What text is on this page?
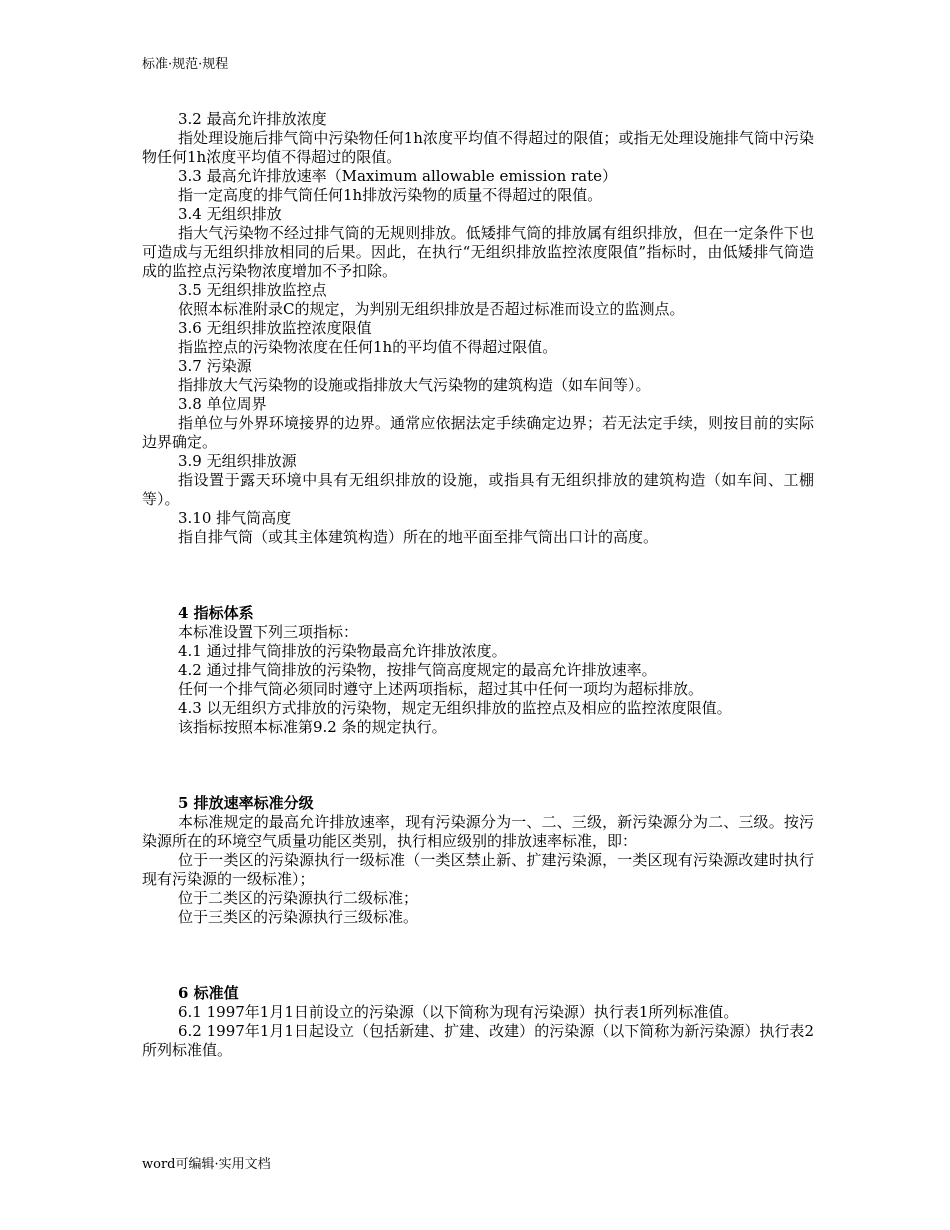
标准·规范·规程
3.2 最高允许排放浓度
指处理设施后排气筒中污染物任何1h浓度平均值不得超过的限值；或指无处理设施排气筒中污染物任何1h浓度平均值不得超过的限值。
3.3 最高允许排放速率（Maximum allowable emission rate）
指一定高度的排气筒任何1h排放污染物的质量不得超过的限值。
3.4 无组织排放
指大气污染物不经过排气筒的无规则排放。低矮排气筒的排放属有组织排放，但在一定条件下也可造成与无组织排放相同的后果。因此，在执行“无组织排放监控浓度限值”指标时，由低矮排气筒造成的监控点污染物浓度增加不予扣除。
3.5 无组织排放监控点
依照本标准附录C的规定，为判别无组织排放是否超过标准而设立的监测点。
3.6 无组织排放监控浓度限值
指监控点的污染物浓度在任何1h的平均值不得超过限值。
3.7 污染源
指排放大气污染物的设施或指排放大气污染物的建筑构造（如车间等）。
3.8 单位周界
指单位与外界环境接界的边界。通常应依据法定手续确定边界；若无法定手续，则按目前的实际边界确定。
3.9 无组织排放源
指设置于露天环境中具有无组织排放的设施，或指具有无组织排放的建筑构造（如车间、工棚等）。
3.10 排气筒高度
指自排气筒（或其主体建筑构造）所在的地平面至排气筒出口计的高度。
4 指标体系
本标准设置下列三项指标：
4.1 通过排气筒排放的污染物最高允许排放浓度。
4.2 通过排气筒排放的污染物，按排气筒高度规定的最高允许排放速率。
任何一个排气筒必须同时遵守上述两项指标，超过其中任何一项均为超标排放。
4.3 以无组织方式排放的污染物，规定无组织排放的监控点及相应的监控浓度限值。
该指标按照本标准第9.2 条的规定执行。
5 排放速率标准分级
本标准规定的最高允许排放速率，现有污染源分为一、二、三级，新污染源分为二、三级。按污染源所在的环境空气质量功能区类别，执行相应级别的排放速率标准，即：
位于一类区的污染源执行一级标准（一类区禁止新、扩建污染源，一类区现有污染源改建时执行现有污染源的一级标准）；
位于二类区的污染源执行二级标准；
位于三类区的污染源执行三级标准。
6 标准值
6.1 1997年1月1日前设立的污染源（以下简称为现有污染源）执行表1所列标准值。
6.2 1997年1月1日起设立（包括新建、扩建、改建）的污染源（以下简称为新污染源）执行表2所列标准值。
word可编辑·实用文档
